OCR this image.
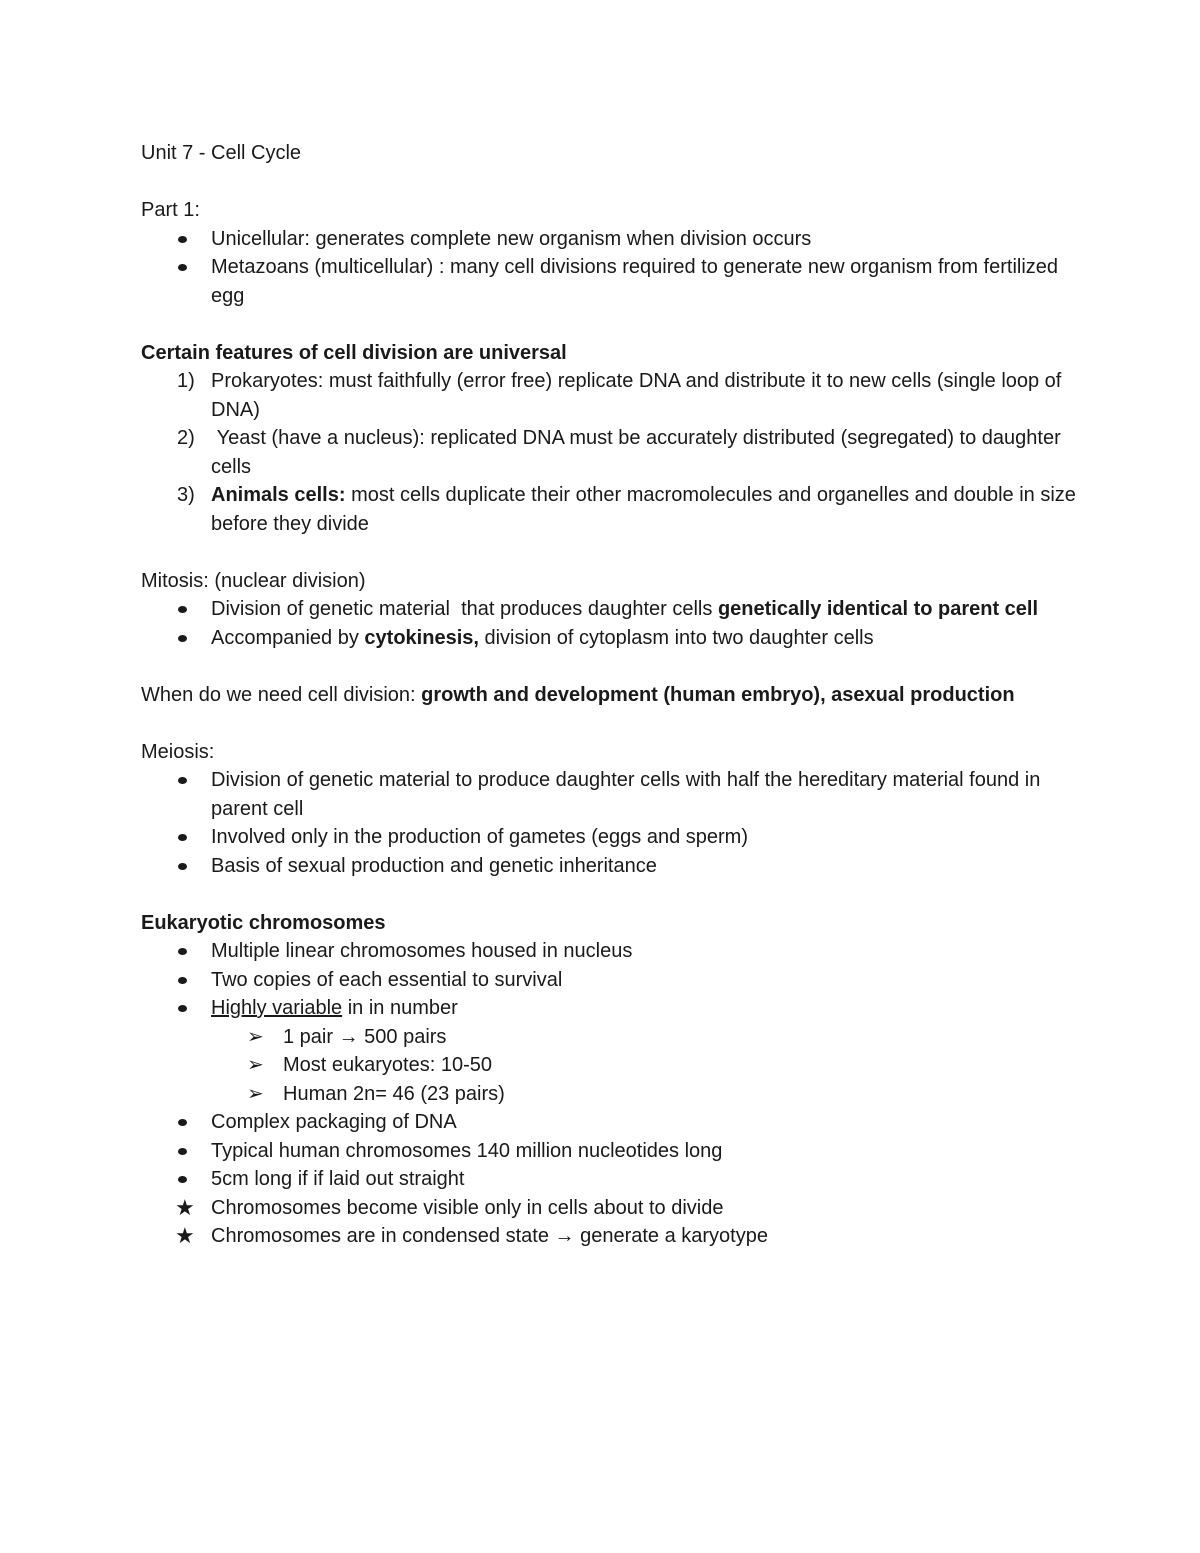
Unit 7 - Cell Cycle
Part 1:
Unicellular: generates complete new organism when division occurs
Metazoans (multicellular) : many cell divisions required to generate new organism from fertilized egg
Certain features of cell division are universal
1) Prokaryotes: must faithfully (error free) replicate DNA and distribute it to new cells (single loop of DNA)
2) Yeast (have a nucleus): replicated DNA must be accurately distributed (segregated) to daughter cells
3) Animals cells: most cells duplicate their other macromolecules and organelles and double in size before they divide
Mitosis: (nuclear division)
Division of genetic material  that produces daughter cells genetically identical to parent cell
Accompanied by cytokinesis, division of cytoplasm into two daughter cells
When do we need cell division: growth and development (human embryo), asexual production
Meiosis:
Division of genetic material to produce daughter cells with half the hereditary material found in parent cell
Involved only in the production of gametes (eggs and sperm)
Basis of sexual production and genetic inheritance
Eukaryotic chromosomes
Multiple linear chromosomes housed in nucleus
Two copies of each essential to survival
Highly variable in in number
➢ 1 pair → 500 pairs
➢ Most eukaryotes: 10-50
➢ Human 2n= 46 (23 pairs)
Complex packaging of DNA
Typical human chromosomes 140 million nucleotides long
5cm long if if laid out straight
★ Chromosomes become visible only in cells about to divide
★ Chromosomes are in condensed state → generate a karyotype
